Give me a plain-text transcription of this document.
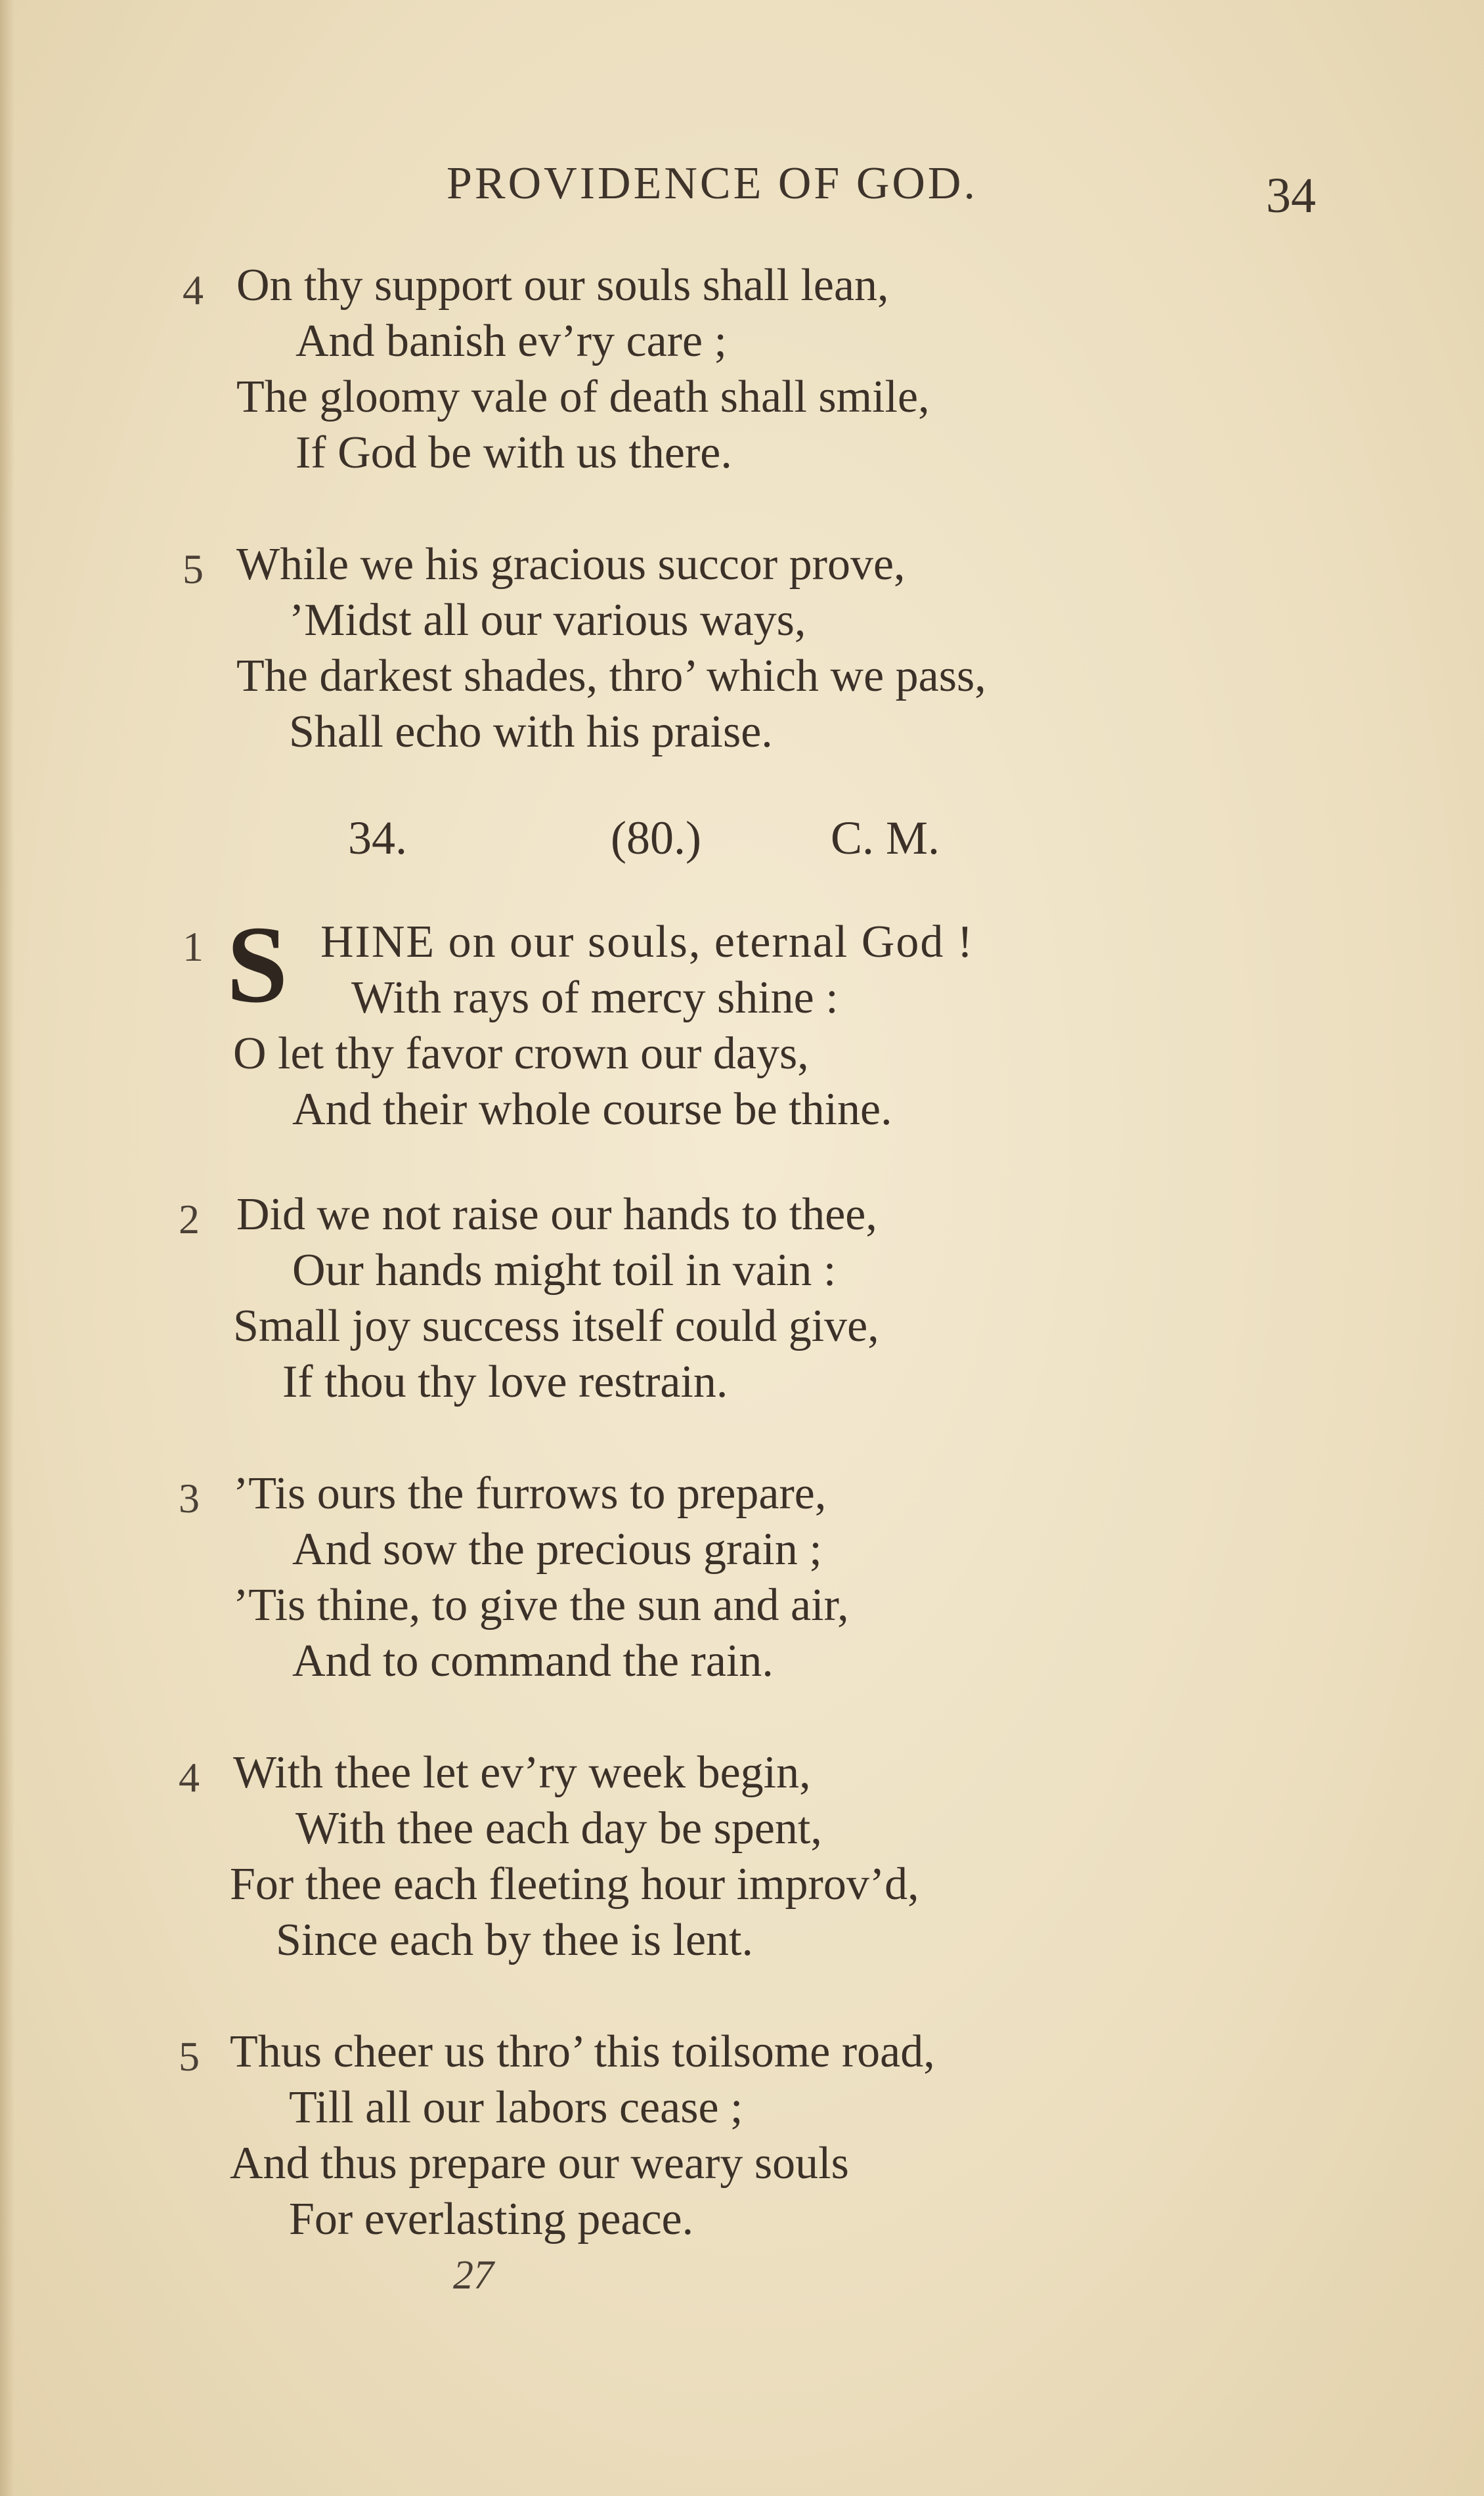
PROVIDENCE OF GOD.	34
4 On thy support our souls shall lean,
And banish ev’ry care ;
The gloomy vale of death shall smile,
If God be with us there.
5 While we his gracious succor prove,
’Midst all our various ways,
The darkest shades, thro’ which we pass,
Shall echo with his praise.
34.	(80.)	C. M.
1 S HINE on our souls, eternal God !
With rays of mercy shine :
O let thy favor crown our days,
And their whole course be thine.
2 Did we not raise our hands to thee,
Our hands might toil in vain :
Small joy success itself could give,
If thou thy love restrain.
3 ’Tis ours the furrows to prepare,
And sow the precious grain ;
’Tis thine, to give the sun and air,
And to command the rain.
4 With thee let ev’ry week begin,
With thee each day be spent,
For thee each fleeting hour improv’d,
Since each by thee is lent.
5 Thus cheer us thro’ this toilsome road,
Till all our labors cease ;
And thus prepare our weary souls
For everlasting peace.
27
